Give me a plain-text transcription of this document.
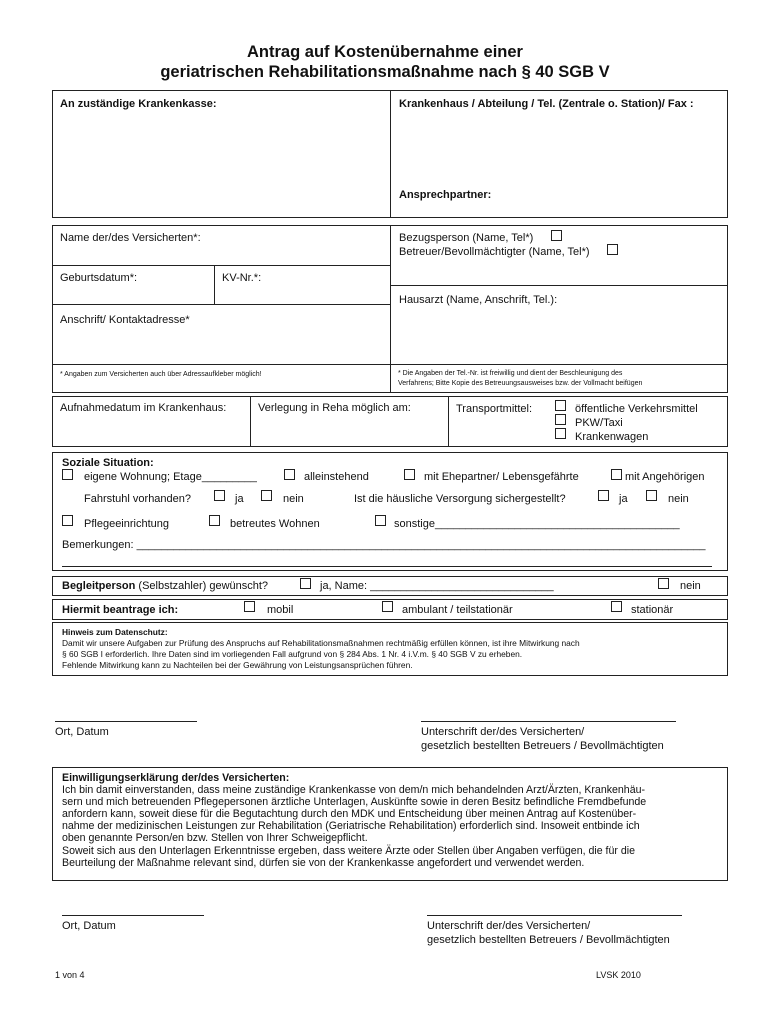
Antrag auf Kostenübernahme einer
geriatrischen Rehabilitationsmaßnahme nach § 40 SGB V
An zuständige Krankenkasse:	Krankenhaus / Abteilung / Tel. (Zentrale o. Station)/ Fax :
Ansprechpartner:
Name der/des Versicherten*:	Bezugsperson (Name, Tel*)
Betreuer/Bevollmächtigter (Name, Tel*)
Geburtsdatum*:	KV-Nr.*:
Hausarzt (Name, Anschrift, Tel.):
Anschrift/ Kontaktadresse*
* Angaben zum Versicherten auch über Adressaufkleber möglich!	* Die Angaben der Tel.-Nr. ist freiwillig und dient der Beschleunigung des
Verfahrens; Bitte Kopie des Betreuungsausweises bzw. der Vollmacht beifügen
Aufnahmedatum im Krankenhaus:	Verlegung in Reha möglich am:	Transportmittel:	öffentliche Verkehrsmittel
PKW/Taxi
Krankenwagen
Soziale Situation:
eigene Wohnung; Etage_________	alleinstehend	mit Ehepartner/ Lebensgefährte	mit Angehörigen
Fahrstuhl vorhanden?	ja	nein	Ist die häusliche Versorgung sichergestellt?	ja	nein
Pflegeeinrichtung	betreutes Wohnen	sonstige________________________________________
Bemerkungen: _____________________________________________________________________________________________
Begleitperson (Selbstzahler) gewünscht?	ja, Name: ______________________________	nein
Hiermit beantrage ich:	mobil	ambulant / teilstationär	stationär
Hinweis zum Datenschutz:
Damit wir unsere Aufgaben zur Prüfung des Anspruchs auf Rehabilitationsmaßnahmen rechtmäßig erfüllen können, ist ihre Mitwirkung nach
§ 60 SGB I erforderlich. Ihre Daten sind im vorliegenden Fall aufgrund von § 284 Abs. 1 Nr. 4 i.V.m. § 40 SGB V zu erheben.
Fehlende Mitwirkung kann zu Nachteilen bei der Gewährung von Leistungsansprüchen führen.
Ort, Datum	Unterschrift der/des Versicherten/
gesetzlich bestellten Betreuers / Bevollmächtigten
Einwilligungserklärung der/des Versicherten:
Ich bin damit einverstanden, dass meine zuständige Krankenkasse von dem/n mich behandelnden Arzt/Ärzten, Krankenhäu-
sern und mich betreuenden Pflegepersonen ärztliche Unterlagen, Auskünfte sowie in deren Besitz befindliche Fremdbefunde
anfordern kann, soweit diese für die Begutachtung durch den MDK und Entscheidung über meinen Antrag auf Kostenüber-
nahme der medizinischen Leistungen zur Rehabilitation (Geriatrische Rehabilitation) erforderlich sind. Insoweit entbinde ich
oben genannte Person/en bzw. Stellen von Ihrer Schweigepflicht.
Soweit sich aus den Unterlagen Erkenntnisse ergeben, dass weitere Ärzte oder Stellen über Angaben verfügen, die für die
Beurteilung der Maßnahme relevant sind, dürfen sie von der Krankenkasse angefordert und verwendet werden.
Ort, Datum	Unterschrift der/des Versicherten/
gesetzlich bestellten Betreuers / Bevollmächtigten
1 von 4	LVSK 2010
